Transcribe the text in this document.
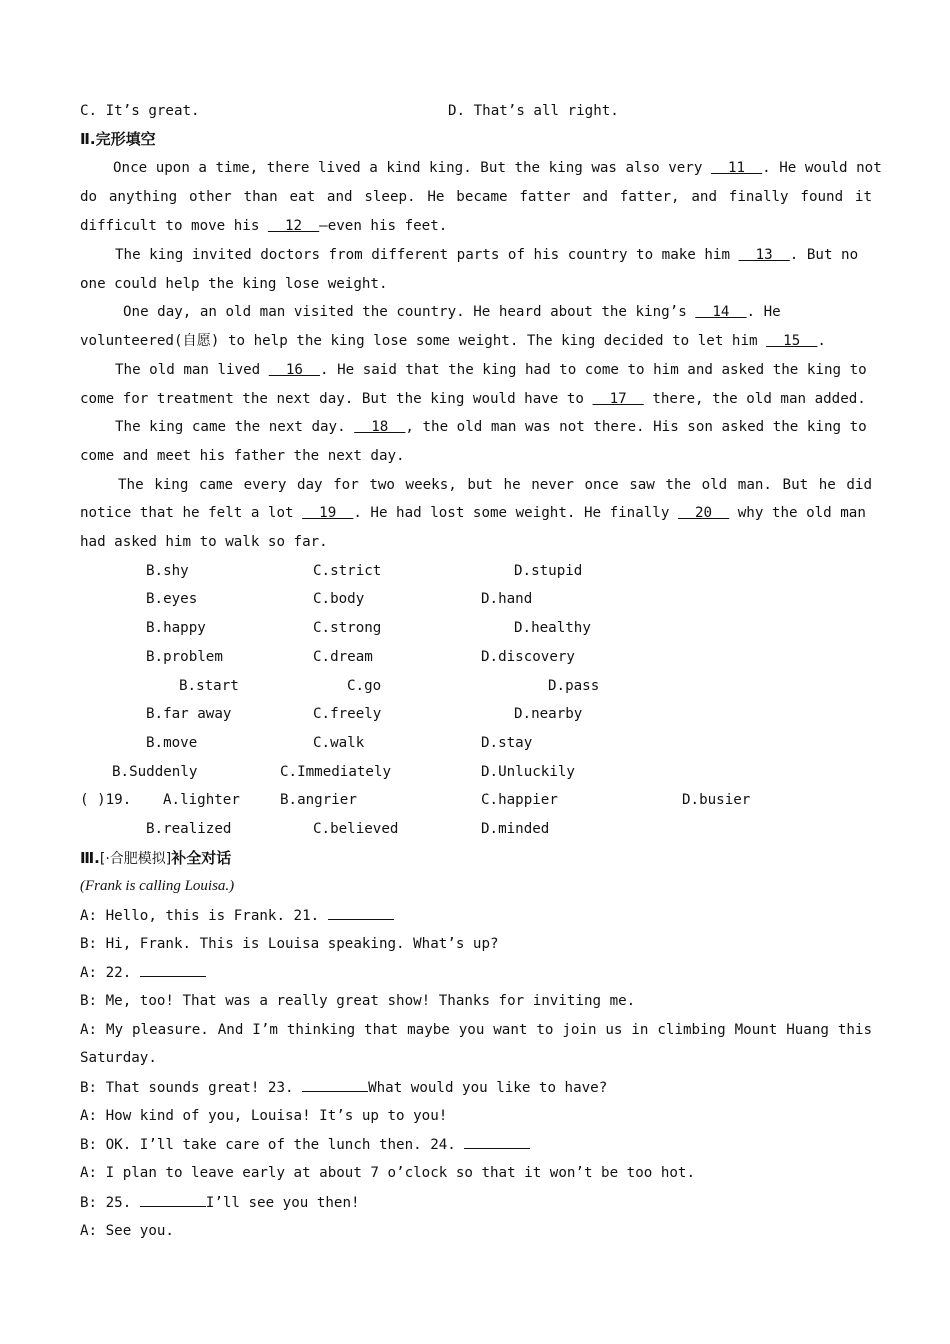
C. It’s great.	D. That’s all right.
Ⅱ.完形填空
Once upon a time, there lived a kind king. But the king was also very   11  . He would not
do anything other than eat and sleep. He became fatter and fatter, and finally found it
difficult to move his   12  —even his feet.
The king invited doctors from different parts of his country to make him   13  . But no
one could help the king lose weight.
One day, an old man visited the country. He heard about the king’s   14  . He
volunteered(自愿) to help the king lose some weight. The king decided to let him   15  .
The old man lived   16  . He said that the king had to come to him and asked the king to
come for treatment the next day. But the king would have to   17   there, the old man added.
The king came the next day.   18  , the old man was not there. His son asked the king to
come and meet his father the next day.
The king came every day for two weeks, but he never once saw the old man. But he did
notice that he felt a lot   19  . He had lost some weight. He finally   20   why the old man
had asked him to walk so far.
B.shy	C.strict	D.stupid
B.eyes	C.body	D.hand
B.happy	C.strong	D.healthy
B.problem	C.dream	D.discovery
B.start	C.go	D.pass
B.far away	C.freely	D.nearby
B.move	C.walk	D.stay
B.Suddenly	C.Immediately	D.Unluckily
( )19. A.lighter	B.angrier	C.happier	D.busier
B.realized	C.believed	D.minded
Ⅲ.[·合肥模拟]补全对话
(Frank is calling Louisa.)
A: Hello, this is Frank. 21.
B: Hi, Frank. This is Louisa speaking. What’s up?
A: 22.
B: Me, too! That was a really great show! Thanks for inviting me.
A: My pleasure. And I’m thinking that maybe you want to join us in climbing Mount Huang this
Saturday.
B: That sounds great! 23.	What would you like to have?
A: How kind of you, Louisa! It’s up to you!
B: OK. I’ll take care of the lunch then. 24.
A: I plan to leave early at about 7 o’clock so that it won’t be too hot.
B: 25.	I’ll see you then!
A: See you.
